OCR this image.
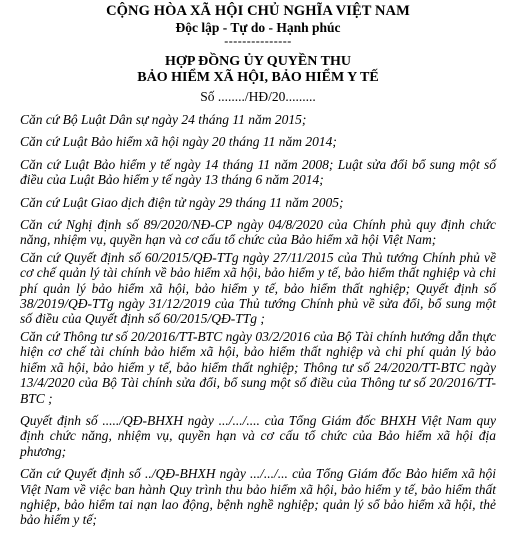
CỘNG HÒA XÃ HỘI CHỦ NGHĨA VIỆT NAM
Độc lập - Tự do - Hạnh phúc
---------------
HỢP ĐỒNG ỦY QUYỀN THU
BẢO HIỂM XÃ HỘI, BẢO HIỂM Y TẾ
Số ......../HĐ/20.........

Căn cứ Bộ Luật Dân sự ngày 24 tháng 11 năm 2015;

Căn cứ Luật Bảo hiểm xã hội ngày 20 tháng 11 năm 2014;

Căn cứ Luật Bảo hiểm y tế ngày 14 tháng 11 năm 2008; Luật sửa đổi bổ sung một số điều của Luật Bảo hiểm y tế ngày 13 tháng 6 năm 2014;

Căn cứ Luật Giao dịch điện tử ngày 29 tháng 11 năm 2005;

Căn cứ Nghị định số 89/2020/NĐ-CP ngày 04/8/2020 của Chính phủ quy định chức năng, nhiệm vụ, quyền hạn và cơ cấu tổ chức của Bảo hiểm xã hội Việt Nam;

Căn cứ Quyết định số 60/2015/QĐ-TTg ngày 27/11/2015 của Thủ tướng Chính phủ về cơ chế quản lý tài chính về bảo hiểm xã hội, bảo hiểm y tế, bảo hiểm thất nghiệp và chi phí quản lý bảo hiểm xã hội, bảo hiểm y tế, bảo hiểm thất nghiệp; Quyết định số 38/2019/QĐ-TTg ngày 31/12/2019 của Thủ tướng Chính phủ về sửa đổi, bổ sung một số điều của Quyết định số 60/2015/QĐ-TTg ;

Căn cứ Thông tư số 20/2016/TT-BTC ngày 03/2/2016 của Bộ Tài chính hướng dẫn thực hiện cơ chế tài chính bảo hiểm xã hội, bảo hiểm thất nghiệp và chi phí quản lý bảo hiểm xã hội, bảo hiểm y tế, bảo hiểm thất nghiệp; Thông tư số 24/2020/TT-BTC ngày 13/4/2020 của Bộ Tài chính sửa đổi, bổ sung một số điều của Thông tư số 20/2016/TT-BTC ;

Quyết định số ...../QĐ-BHXH ngày .../.../.... của Tổng Giám đốc BHXH Việt Nam quy định chức năng, nhiệm vụ, quyền hạn và cơ cấu tổ chức của Bảo hiểm xã hội địa phương;

Căn cứ Quyết định số ../QĐ-BHXH ngày .../.../... của Tổng Giám đốc Bảo hiểm xã hội Việt Nam về việc ban hành Quy trình thu bảo hiểm xã hội, bảo hiểm y tế, bảo hiểm thất nghiệp, bảo hiểm tai nạn lao động, bệnh nghề nghiệp; quản lý sổ bảo hiểm xã hội, thẻ bảo hiểm y tế;
